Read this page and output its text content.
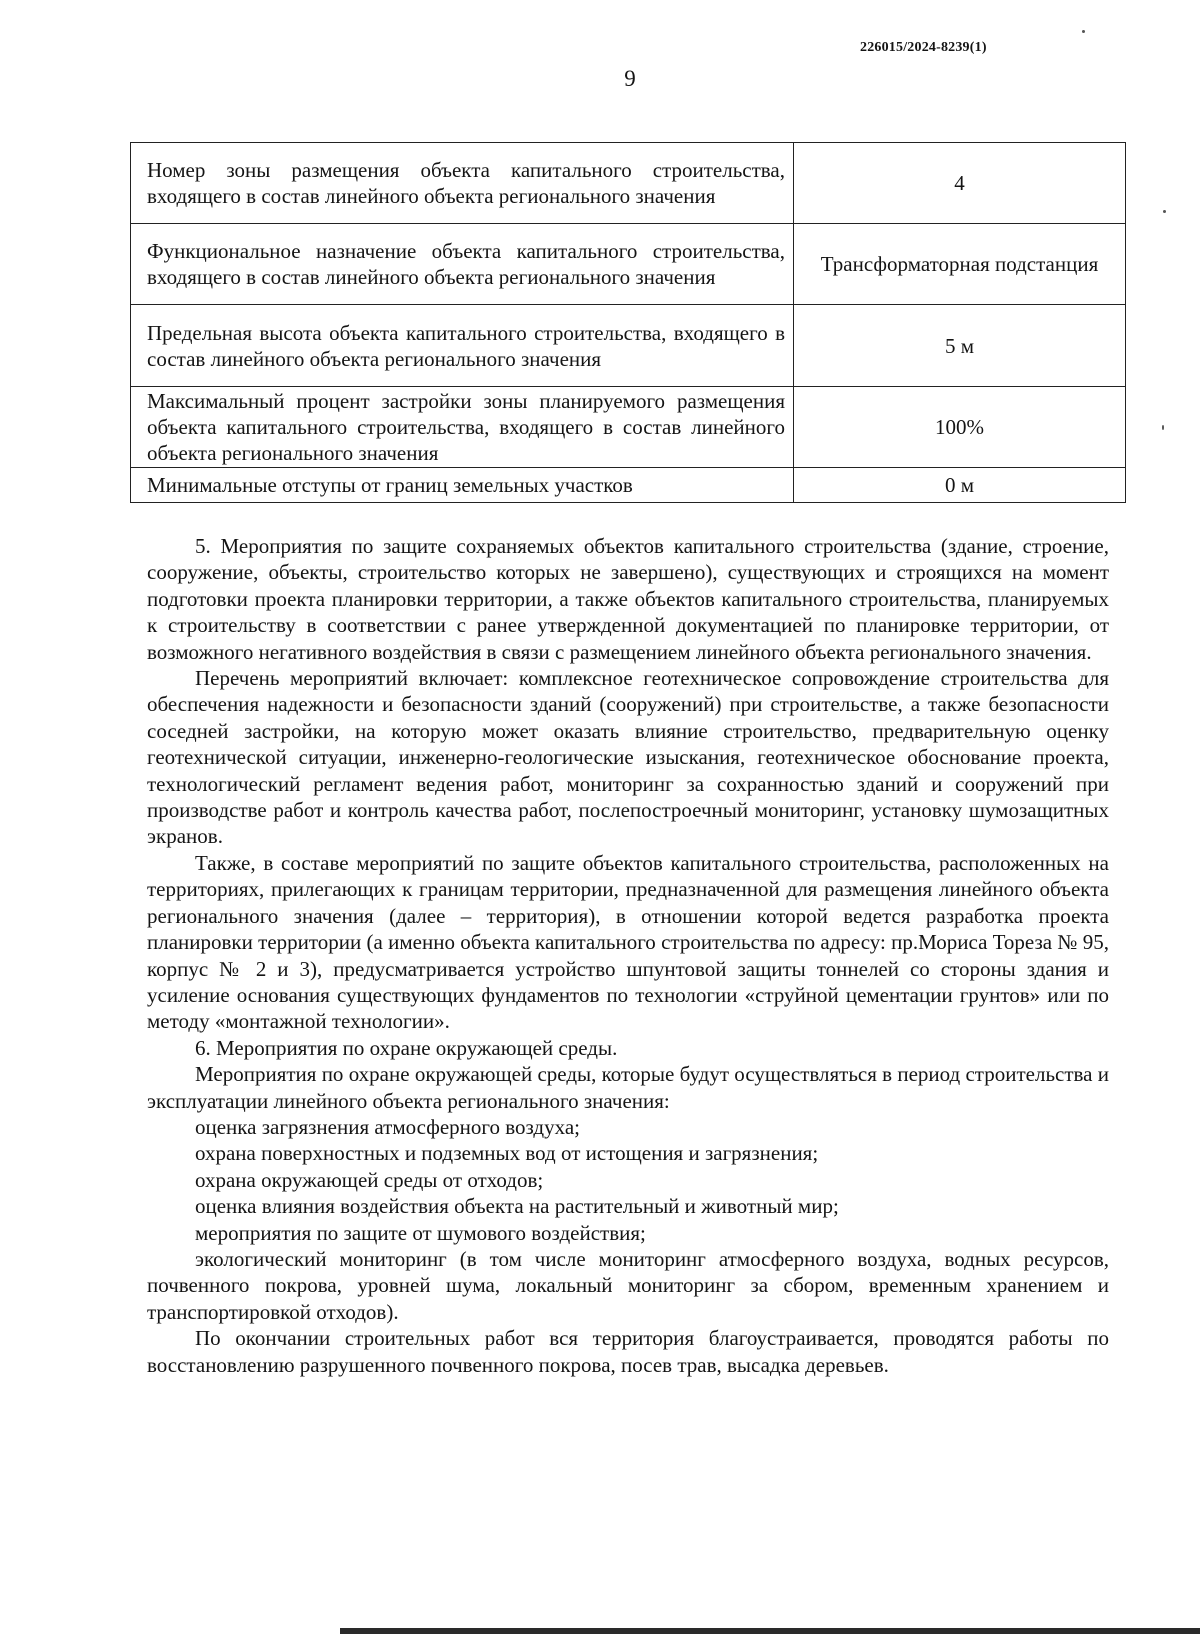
226015/2024-8239(1)
9
Номер зоны размещения объекта капитального строительства, входящего в состав линейного объекта регионального значения	4
Функциональное назначение объекта капитального строительства, входящего в состав линейного объекта регионального значения	Трансформаторная подстанция
Предельная высота объекта капитального строительства, входящего в состав линейного объекта регионального значения	5 м
Максимальный процент застройки зоны планируемого размещения объекта капитального строительства, входящего в состав линейного объекта регионального значения	100%
Минимальные отступы от границ земельных участков	0 м

5. Мероприятия по защите сохраняемых объектов капитального строительства (здание, строение, сооружение, объекты, строительство которых не завершено), существующих и строящихся на момент подготовки проекта планировки территории, а также объектов капитального строительства, планируемых к строительству в соответствии с ранее утвержденной документацией по планировке территории, от возможного негативного воздействия в связи с размещением линейного объекта регионального значения.

Перечень мероприятий включает: комплексное геотехническое сопровождение строительства для обеспечения надежности и безопасности зданий (сооружений) при строительстве, а также безопасности соседней застройки, на которую может оказать влияние строительство, предварительную оценку геотехнической ситуации, инженерно-геологические изыскания, геотехническое обоснование проекта, технологический регламент ведения работ, мониторинг за сохранностью зданий и сооружений при производстве работ и контроль качества работ, послепостроечный мониторинг, установку шумозащитных экранов.

Также, в составе мероприятий по защите объектов капитального строительства, расположенных на территориях, прилегающих к границам территории, предназначенной для размещения линейного объекта регионального значения (далее – территория), в отношении которой ведется разработка проекта планировки территории (а именно объекта капитального строительства по адресу: пр.Мориса Тореза № 95, корпус № 2 и 3), предусматривается устройство шпунтовой защиты тоннелей со стороны здания и усиление основания существующих фундаментов по технологии «струйной цементации грунтов» или по методу «монтажной технологии».

6. Мероприятия по охране окружающей среды.

Мероприятия по охране окружающей среды, которые будут осуществляться в период строительства и эксплуатации линейного объекта регионального значения:

оценка загрязнения атмосферного воздуха;

охрана поверхностных и подземных вод от истощения и загрязнения;

охрана окружающей среды от отходов;

оценка влияния воздействия объекта на растительный и животный мир;

мероприятия по защите от шумового воздействия;

экологический мониторинг (в том числе мониторинг атмосферного воздуха, водных ресурсов, почвенного покрова, уровней шума, локальный мониторинг за сбором, временным хранением и транспортировкой отходов).

По окончании строительных работ вся территория благоустраивается, проводятся работы по восстановлению разрушенного почвенного покрова, посев трав, высадка деревьев.
